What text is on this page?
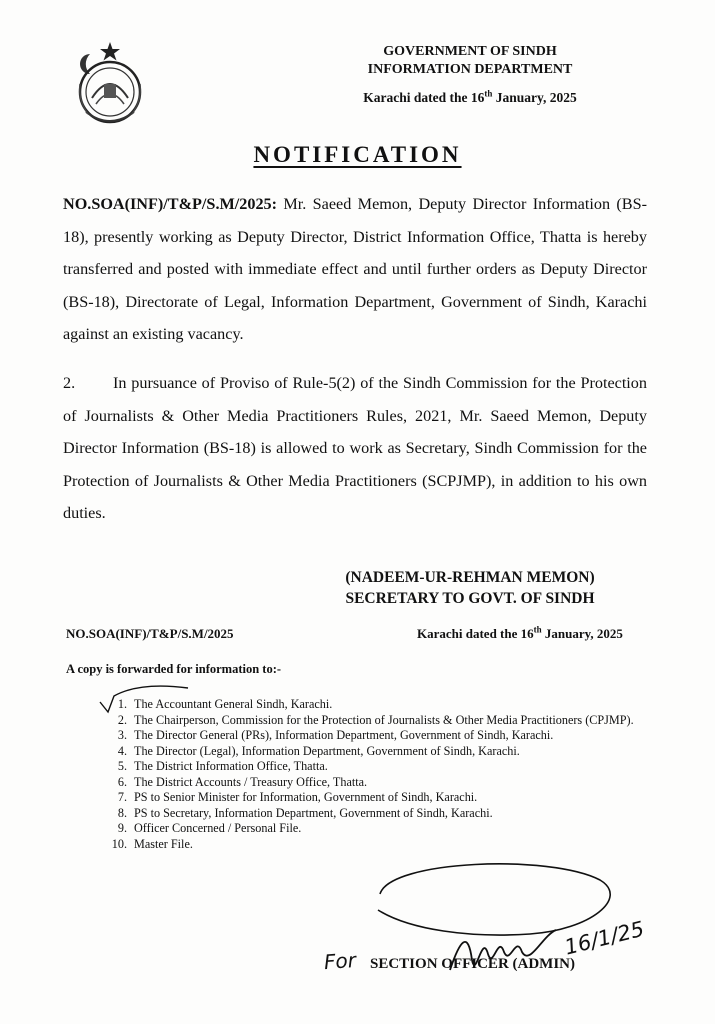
GOVERNMENT OF SINDH
INFORMATION DEPARTMENT
Karachi dated the 16th January, 2025
NOTIFICATION
NO.SOA(INF)/T&P/S.M/2025: Mr. Saeed Memon, Deputy Director Information (BS-18), presently working as Deputy Director, District Information Office, Thatta is hereby transferred and posted with immediate effect and until further orders as Deputy Director (BS-18), Directorate of Legal, Information Department, Government of Sindh, Karachi against an existing vacancy.
2. In pursuance of Proviso of Rule-5(2) of the Sindh Commission for the Protection of Journalists & Other Media Practitioners Rules, 2021, Mr. Saeed Memon, Deputy Director Information (BS-18) is allowed to work as Secretary, Sindh Commission for the Protection of Journalists & Other Media Practitioners (SCPJMP), in addition to his own duties.
(NADEEM-UR-REHMAN MEMON)
SECRETARY TO GOVT. OF SINDH
NO.SOA(INF)/T&P/S.M/2025	Karachi dated the 16th January, 2025
A copy is forwarded for information to:-
1. The Accountant General Sindh, Karachi.
2. The Chairperson, Commission for the Protection of Journalists & Other Media Practitioners (CPJMP).
3. The Director General (PRs), Information Department, Government of Sindh, Karachi.
4. The Director (Legal), Information Department, Government of Sindh, Karachi.
5. The District Information Office, Thatta.
6. The District Accounts / Treasury Office, Thatta.
7. PS to Senior Minister for Information, Government of Sindh, Karachi.
8. PS to Secretary, Information Department, Government of Sindh, Karachi.
9. Officer Concerned / Personal File.
10. Master File.
16/1/25
For SECTION OFFICER (ADMIN)
